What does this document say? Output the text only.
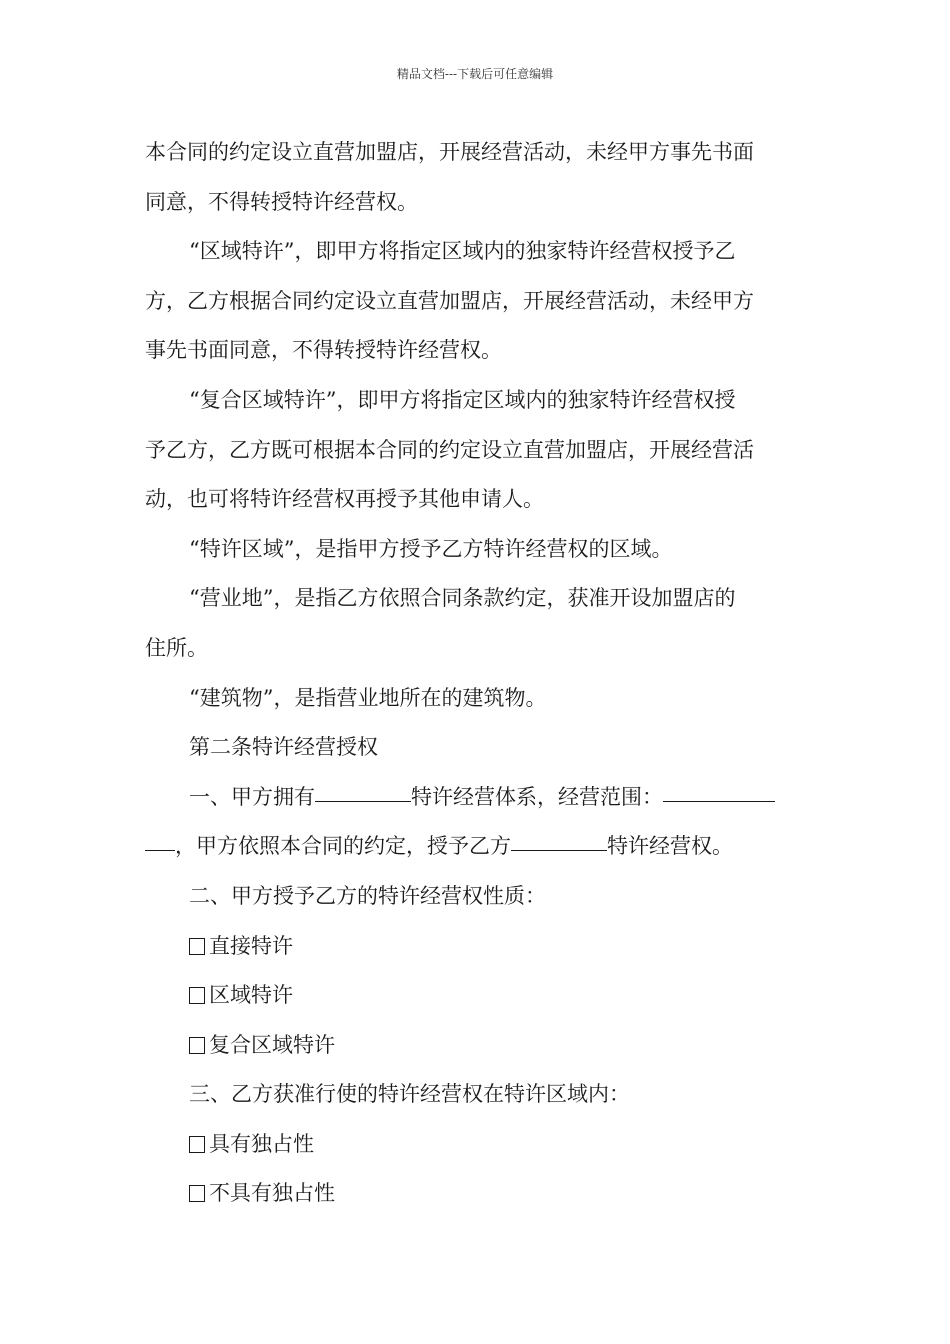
精品文档---下载后可任意编辑
本合同的约定设立直营加盟店，开展经营活动，未经甲方事先书面
同意，不得转授特许经营权。
“区域特许”，即甲方将指定区域内的独家特许经营权授予乙
方，乙方根据合同约定设立直营加盟店，开展经营活动，未经甲方
事先书面同意，不得转授特许经营权。
“复合区域特许”，即甲方将指定区域内的独家特许经营权授
予乙方，乙方既可根据本合同的约定设立直营加盟店，开展经营活
动，也可将特许经营权再授予其他申请人。
“特许区域”，是指甲方授予乙方特许经营权的区域。
“营业地”，是指乙方依照合同条款约定，获准开设加盟店的
住所。
“建筑物”，是指营业地所在的建筑物。
第二条特许经营授权
一、甲方拥有	特许经营体系，经营范围：
，甲方依照本合同的约定，授予乙方	特许经营权。
二、甲方授予乙方的特许经营权性质：
直接特许
区域特许
复合区域特许
三、乙方获准行使的特许经营权在特许区域内：
具有独占性
不具有独占性
